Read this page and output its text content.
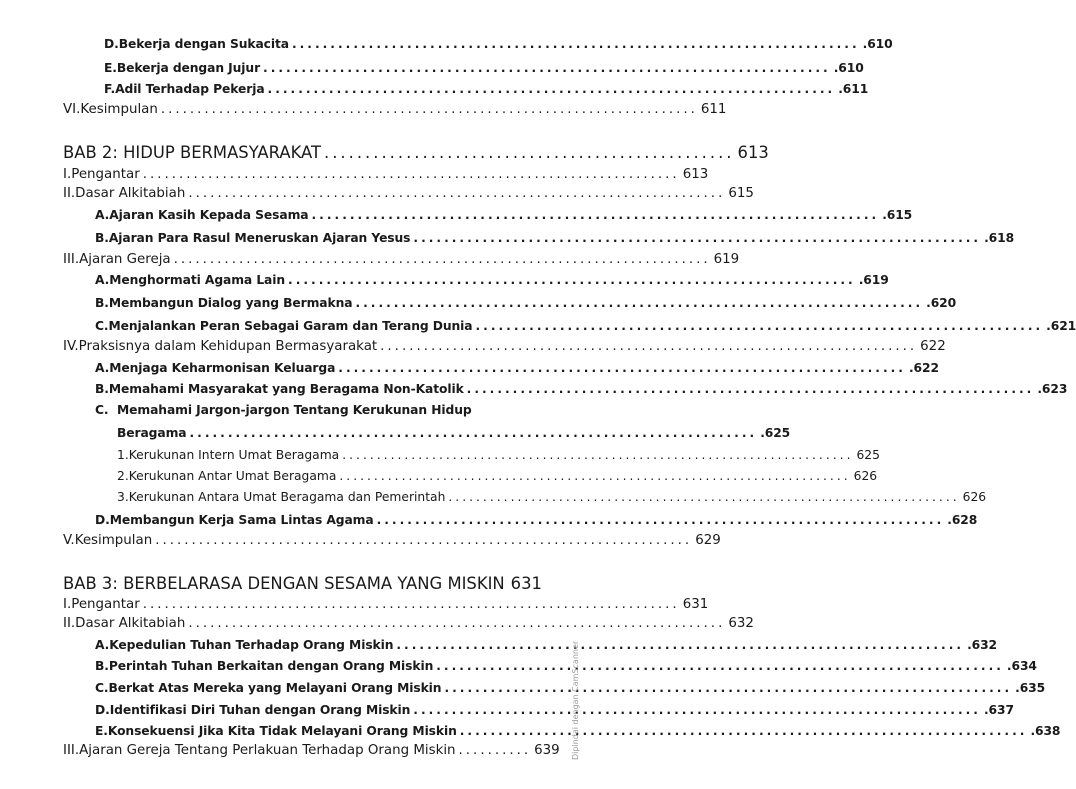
D. Bekerja dengan Sukacita .......................................................................... .610
E. Bekerja dengan Jujur .......................................................................... .610
F. Adil Terhadap Pekerja .......................................................................... .611
VI. Kesimpulan .......................................................................... 611
BAB 2: HIDUP BERMASYARAKAT .................................................. 613
I. Pengantar .......................................................................... 613
II. Dasar Alkitabiah .......................................................................... 615
A. Ajaran Kasih Kepada Sesama .......................................................................... .615
B. Ajaran Para Rasul Meneruskan Ajaran Yesus .......................................................................... .618
III. Ajaran Gereja .......................................................................... 619
A. Menghormati Agama Lain .......................................................................... .619
B. Membangun Dialog yang Bermakna .......................................................................... .620
C. Menjalankan Peran Sebagai Garam dan Terang Dunia .......................................................................... .621
IV. Praksisnya dalam Kehidupan Bermasyarakat .......................................................................... 622
A. Menjaga Keharmonisan Keluarga .......................................................................... .622
B. Memahami Masyarakat yang Beragama Non-Katolik .......................................................................... .623
C. Memahami Jargon-jargon Tentang Kerukunan Hidup
Beragama .......................................................................... .625
1. Kerukunan Intern Umat Beragama .......................................................................... 625
2. Kerukunan Antar Umat Beragama .......................................................................... 626
3. Kerukunan Antara Umat Beragama dan Pemerintah .......................................................................... 626
D. Membangun Kerja Sama Lintas Agama .......................................................................... .628
V. Kesimpulan .......................................................................... 629
BAB 3: BERBELARASA DENGAN SESAMA YANG MISKIN 631
I. Pengantar .......................................................................... 631
II. Dasar Alkitabiah .......................................................................... 632
A. Kepedulian Tuhan Terhadap Orang Miskin .......................................................................... .632
B. Perintah Tuhan Berkaitan dengan Orang Miskin .......................................................................... .634
C. Berkat Atas Mereka yang Melayani Orang Miskin .......................................................................... .635
D. Identifikasi Diri Tuhan dengan Orang Miskin .......................................................................... .637
E. Konsekuensi Jika Kita Tidak Melayani Orang Miskin .......................................................................... .638
III. Ajaran Gereja Tentang Perlakuan Terhadap Orang Miskin .......... 639 Dipindai dengan CamScanner
